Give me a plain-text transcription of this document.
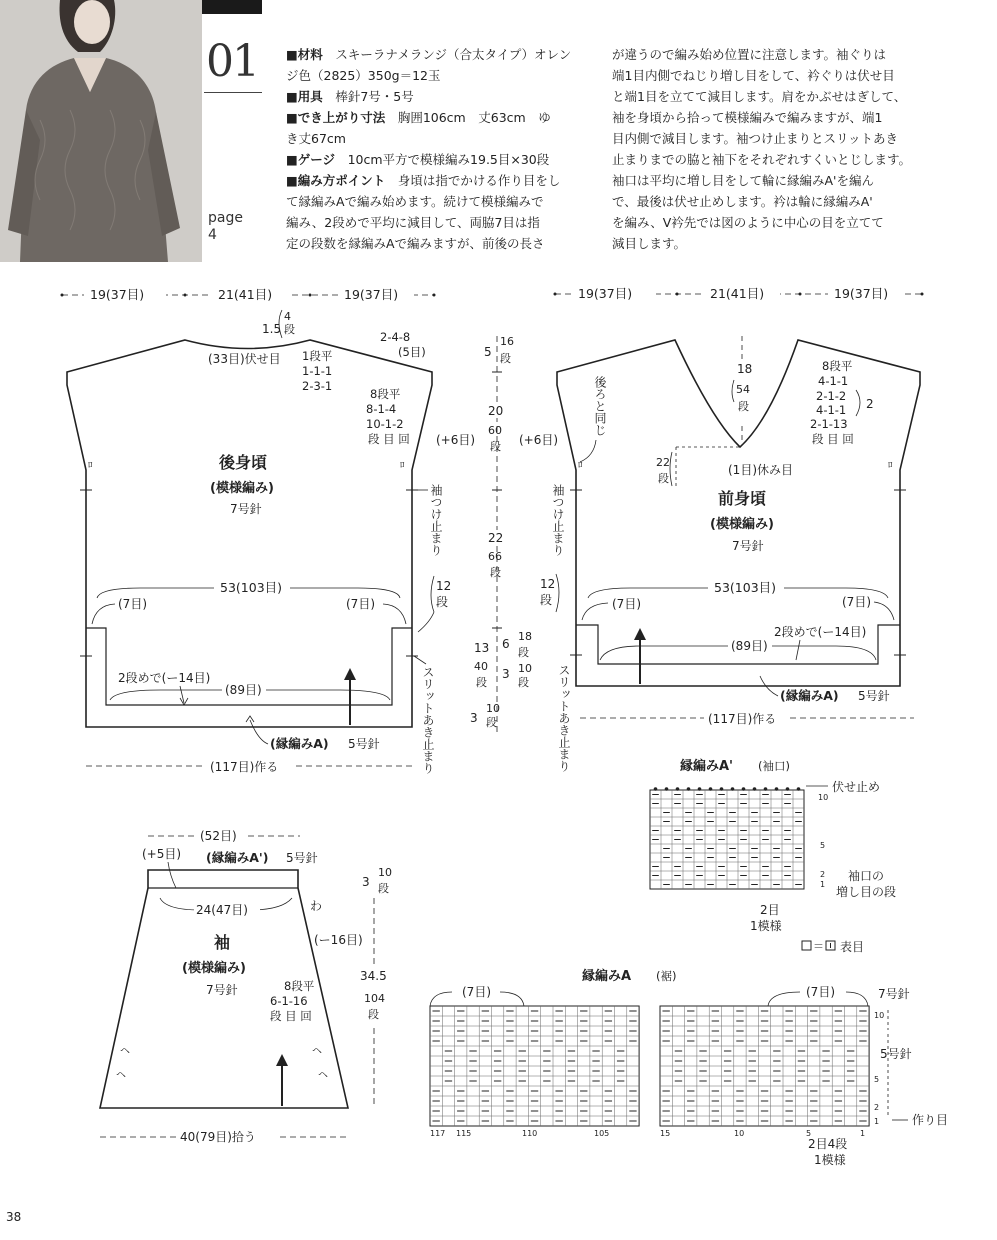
01
page
4
■材料　 スキーラナメランジ（合太タイプ）オレン
ジ色（2825）350g＝12玉
■用具　 棒針7号・5号
■でき上がり寸法　 胸囲106cm　丈63cm　ゆ
き丈67cm
■ゲージ　 10cm平方で模様編み19.5目×30段
■編み方ポイント　 身頃は指でかける作り目をし
て縁編みAで編み始めます。続けて模様編みで
編み、2段めで平均に減目して、両脇7目は指
定の段数を縁編みAで編みますが、前後の長さ
が違うので編み始め位置に注意します。袖ぐりは
端1目内側でねじり増し目をして、衿ぐりは伏せ目
と端1目を立てて減目します。肩をかぶせはぎして、
袖を身頃から拾って模様編みで編みますが、端1
目内側で減目します。袖つけ止まりとスリットあき
止まりまでの脇と袖下をそれぞれすくいとじします。
袖口は平均に増し目をして輪に縁編みA'を編ん
で、最後は伏せ止めします。衿は輪に縁編みA'
を編み、V衿先では図のように中心の目を立てて
減目します。
19(37目)	21(41目)	19(37目)
ﾛ	ﾛ
1.5
4
段
(33目)伏せ目 1段平
1-1-1
2-3-1
2-4-8
(5目)
8段平
8-1-4
10-1-2
段 目 回 (+6目)
後身頃
(模様編み)
7号針
53(103目)
(7目)	(7目)
12
段
2段めで(ー14目)
(89目)
(縁編みA) 5号針
(117目)作る
袖つけ止まり
スリットあき止まり
5
16
段
20
60
段
22
66
段
13
40
段
6
18
段
3 10
段
3
10
段
19(37目)	21(41目)	19(37目)
ﾛ	ﾛ
18
54
段
8段平
4-1-1
2-1-2
4-1-1
2-1-13
段 目 回
2
後ろと同じ
(+6目)
22
段
(1目)休み目
前身頃
(模様編み)
7号針
53(103目)
(7目)	(7目)
12
段
2段めで(ー14目)
(89目)
(縁編みA) 5号針
(117目)作る
袖つけ止まり
スリットあき止まり
(52目)
(+5目) (縁編みA') 5号針
3
10
段
24(47目)	わ
(ー16目)
袖
(模様編み)
7号針	8段平
6-1-16
段 目 回
34.5
104
段
ヘ
ヘ
ヘ
ヘ
40(79目)拾う
縁編みA' (袖口)
伏せ止め
10
5
2
1
袖口の
増し目の段
2目
1模様
＝ 表目
縁編みA (裾)
(7目)	(7目)	7号針
5号針
作り目
10
5
2
1
117 115	110	105	15	10	5	1
2目4段
1模様
38
